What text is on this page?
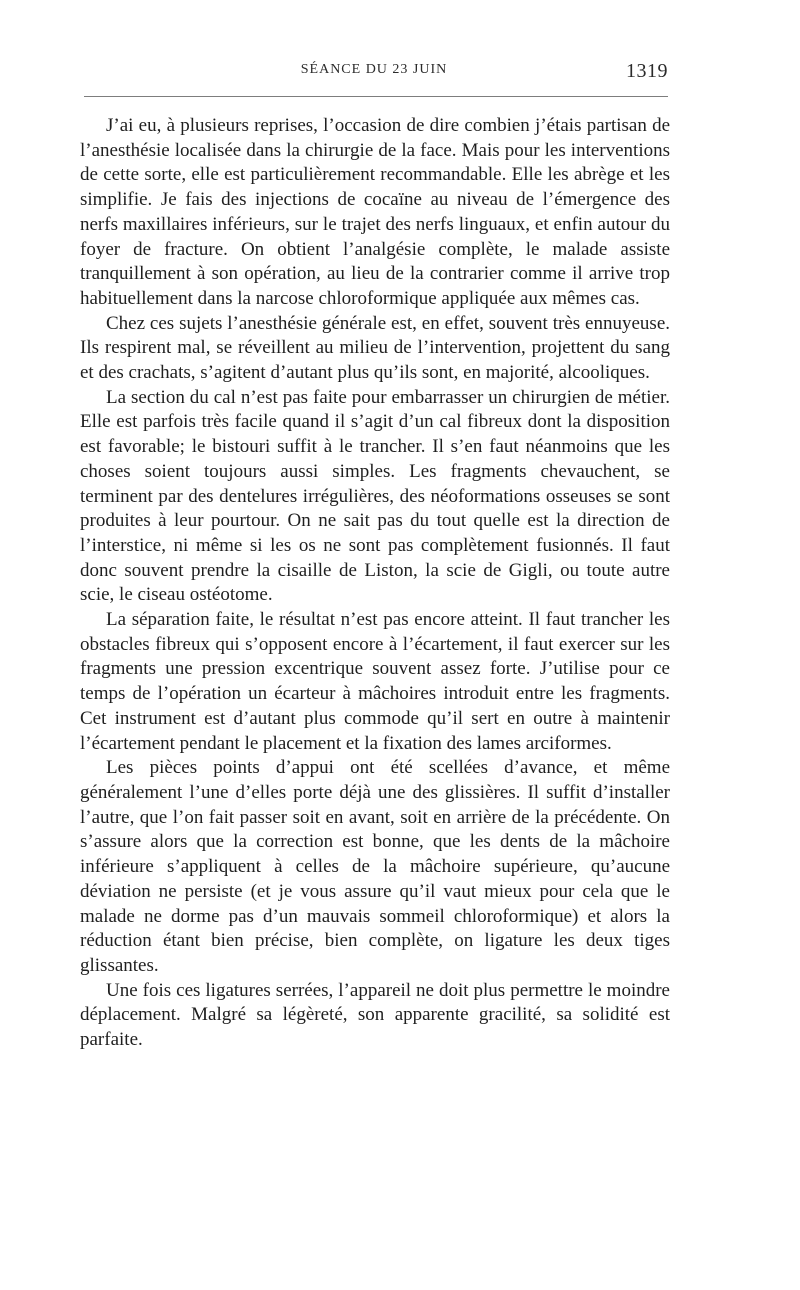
SÉANCE DU 23 JUIN	1319

J’ai eu, à plusieurs reprises, l’occasion de dire combien j’étais partisan de l’anesthésie localisée dans la chirurgie de la face. Mais pour les interventions de cette sorte, elle est particulièrement recommandable. Elle les abrège et les simplifie. Je fais des injections de cocaïne au niveau de l’émergence des nerfs maxillaires inférieurs, sur le trajet des nerfs linguaux, et enfin autour du foyer de fracture. On obtient l’analgésie complète, le malade assiste tranquillement à son opération, au lieu de la contrarier comme il arrive trop habituellement dans la narcose chloroformique appliquée aux mêmes cas.

Chez ces sujets l’anesthésie générale est, en effet, souvent très ennuyeuse. Ils respirent mal, se réveillent au milieu de l’intervention, projettent du sang et des crachats, s’agitent d’autant plus qu’ils sont, en majorité, alcooliques.

La section du cal n’est pas faite pour embarrasser un chirurgien de métier. Elle est parfois très facile quand il s’agit d’un cal fibreux dont la disposition est favorable; le bistouri suffit à le trancher. Il s’en faut néanmoins que les choses soient toujours aussi simples. Les fragments chevauchent, se terminent par des dentelures irrégulières, des néoformations osseuses se sont produites à leur pourtour. On ne sait pas du tout quelle est la direction de l’interstice, ni même si les os ne sont pas complètement fusionnés. Il faut donc souvent prendre la cisaille de Liston, la scie de Gigli, ou toute autre scie, le ciseau ostéotome.

La séparation faite, le résultat n’est pas encore atteint. Il faut trancher les obstacles fibreux qui s’opposent encore à l’écartement, il faut exercer sur les fragments une pression excentrique souvent assez forte. J’utilise pour ce temps de l’opération un écarteur à mâchoires introduit entre les fragments. Cet instrument est d’autant plus commode qu’il sert en outre à maintenir l’écartement pendant le placement et la fixation des lames arciformes.

Les pièces points d’appui ont été scellées d’avance, et même généralement l’une d’elles porte déjà une des glissières. Il suffit d’installer l’autre, que l’on fait passer soit en avant, soit en arrière de la précédente. On s’assure alors que la correction est bonne, que les dents de la mâchoire inférieure s’appliquent à celles de la mâchoire supérieure, qu’aucune déviation ne persiste (et je vous assure qu’il vaut mieux pour cela que le malade ne dorme pas d’un mauvais sommeil chloroformique) et alors la réduction étant bien précise, bien complète, on ligature les deux tiges glissantes.

Une fois ces ligatures serrées, l’appareil ne doit plus permettre le moindre déplacement. Malgré sa légèreté, son apparente gracilité, sa solidité est parfaite.
